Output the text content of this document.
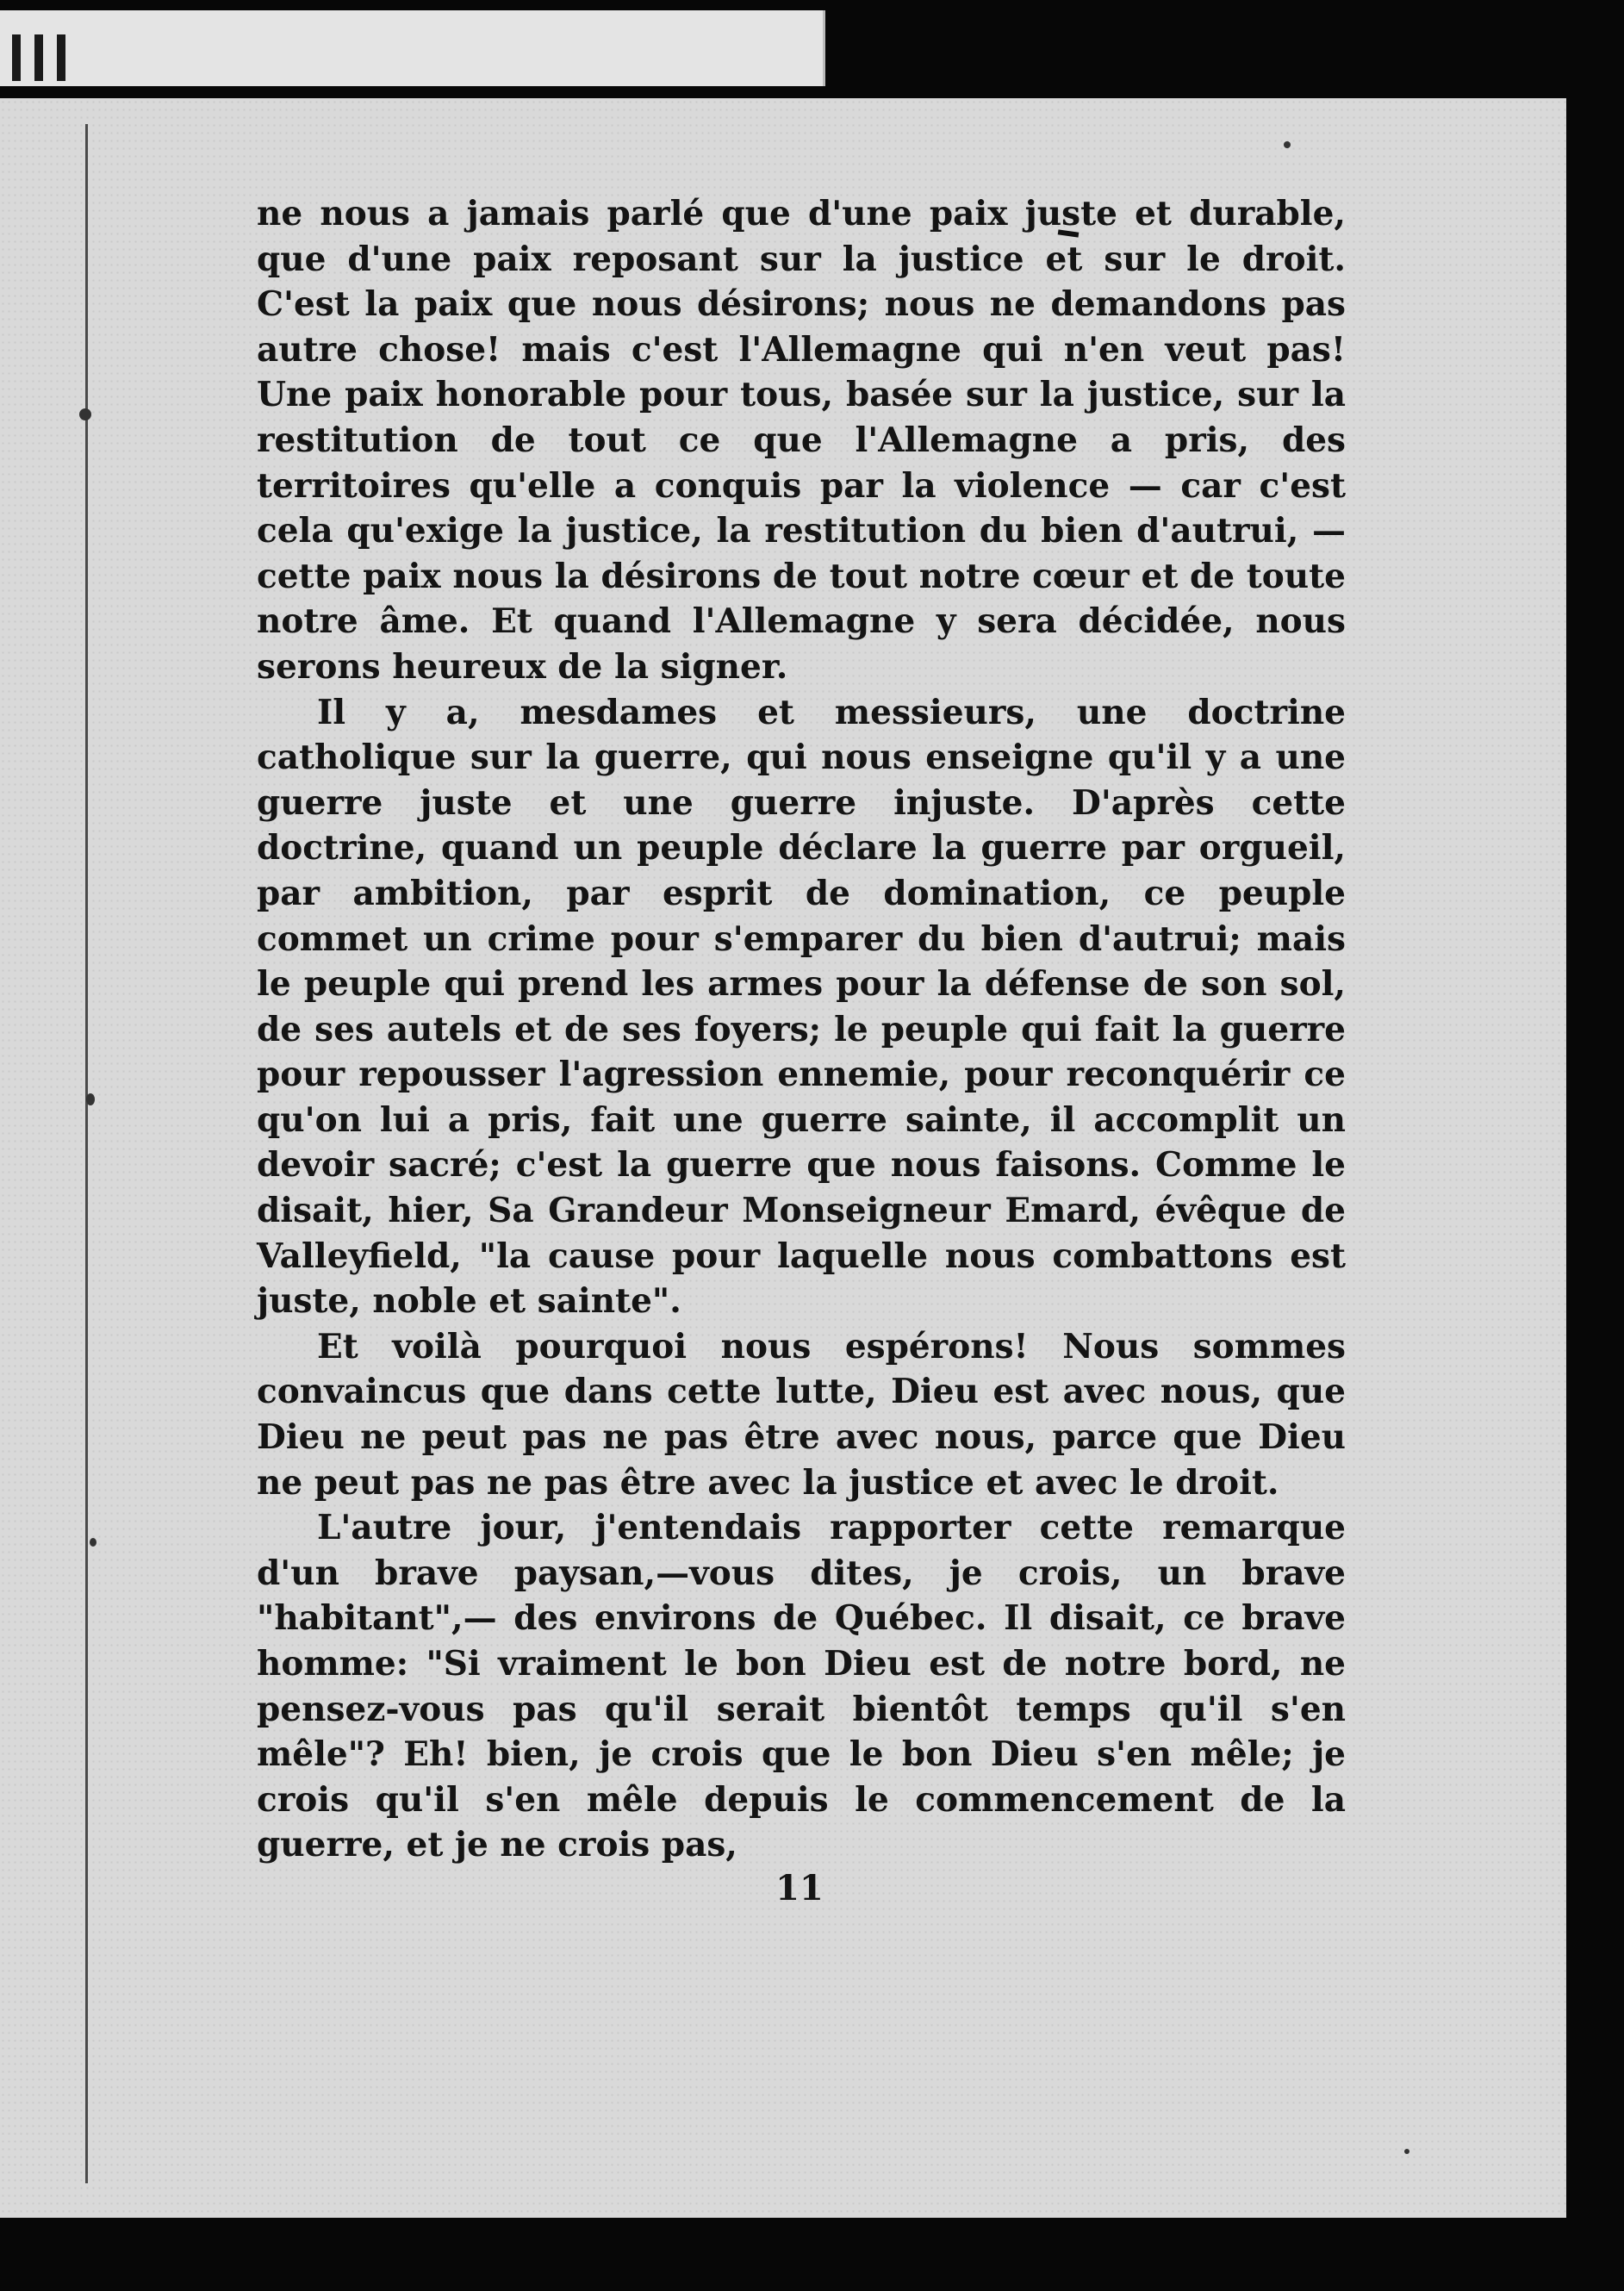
ne nous a jamais parlé que d'une paix juste et durable, que d'une paix reposant sur la justice et sur le droit. C'est la paix que nous désirons; nous ne demandons pas autre chose! mais c'est l'Allemagne qui n'en veut pas! Une paix honorable pour tous, basée sur la justice, sur la restitution de tout ce que l'Allemagne a pris, des territoires qu'elle a conquis par la violence — car c'est cela qu'exige la justice, la restitution du bien d'autrui, — cette paix nous la désirons de tout notre cœur et de toute notre âme. Et quand l'Allemagne y sera décidée, nous serons heureux de la signer.

Il y a, mesdames et messieurs, une doctrine catholique sur la guerre, qui nous enseigne qu'il y a une guerre juste et une guerre injuste. D'après cette doctrine, quand un peuple déclare la guerre par orgueil, par ambition, par esprit de domination, ce peuple commet un crime pour s'emparer du bien d'autrui; mais le peuple qui prend les armes pour la défense de son sol, de ses autels et de ses foyers; le peuple qui fait la guerre pour repousser l'agression ennemie, pour reconquérir ce qu'on lui a pris, fait une guerre sainte, il accomplit un devoir sacré; c'est la guerre que nous faisons. Comme le disait, hier, Sa Grandeur Monseigneur Emard, évêque de Valleyfield, "la cause pour laquelle nous combattons est juste, noble et sainte".

Et voilà pourquoi nous espérons! Nous sommes convaincus que dans cette lutte, Dieu est avec nous, que Dieu ne peut pas ne pas être avec nous, parce que Dieu ne peut pas ne pas être avec la justice et avec le droit.

L'autre jour, j'entendais rapporter cette remarque d'un brave paysan,—vous dites, je crois, un brave "habitant",— des environs de Québec. Il disait, ce brave homme: "Si vraiment le bon Dieu est de notre bord, ne pensez-vous pas qu'il serait bientôt temps qu'il s'en mêle"? Eh! bien, je crois que le bon Dieu s'en mêle; je crois qu'il s'en mêle depuis le commencement de la guerre, et je ne crois pas,

11
